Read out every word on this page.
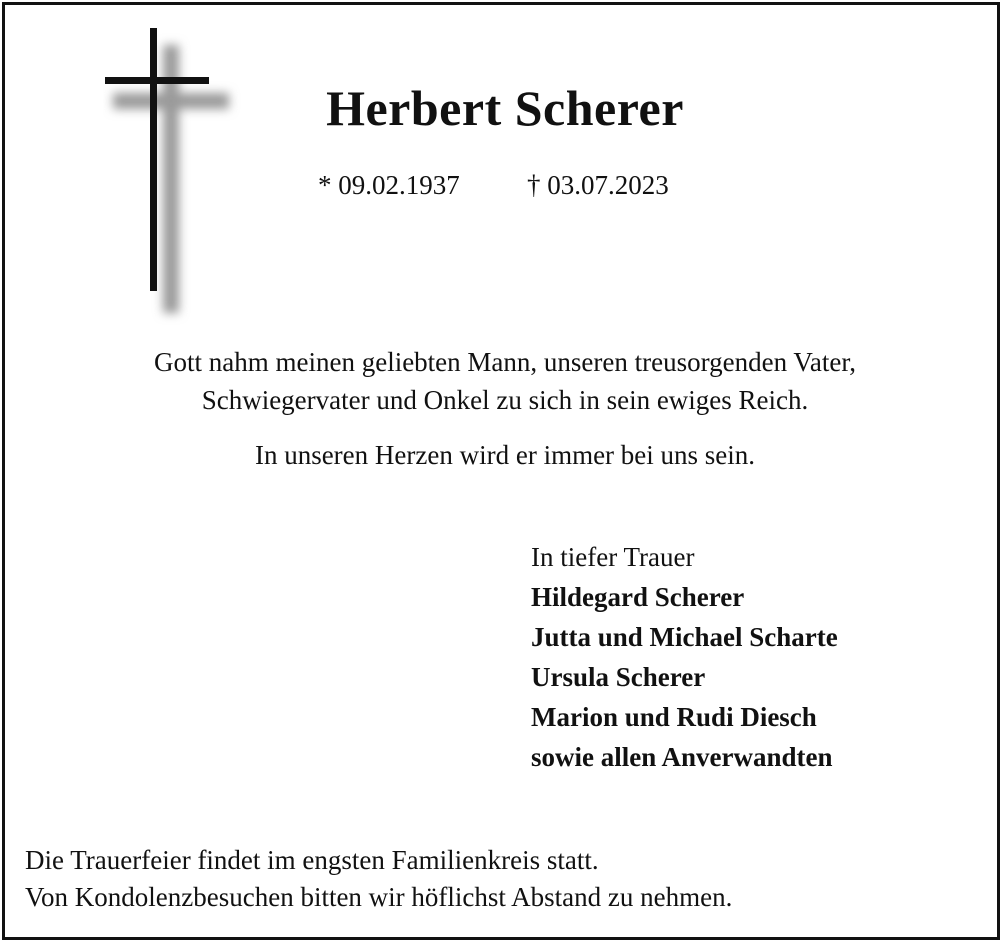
Herbert Scherer
* 09.02.1937 † 03.07.2023
Gott nahm meinen geliebten Mann, unseren treusorgenden Vater,
Schwiegervater und Onkel zu sich in sein ewiges Reich.
In unseren Herzen wird er immer bei uns sein.
In tiefer Trauer
Hildegard Scherer
Jutta und Michael Scharte
Ursula Scherer
Marion und Rudi Diesch
sowie allen Anverwandten
Die Trauerfeier findet im engsten Familienkreis statt.
Von Kondolenzbesuchen bitten wir höflichst Abstand zu nehmen.
